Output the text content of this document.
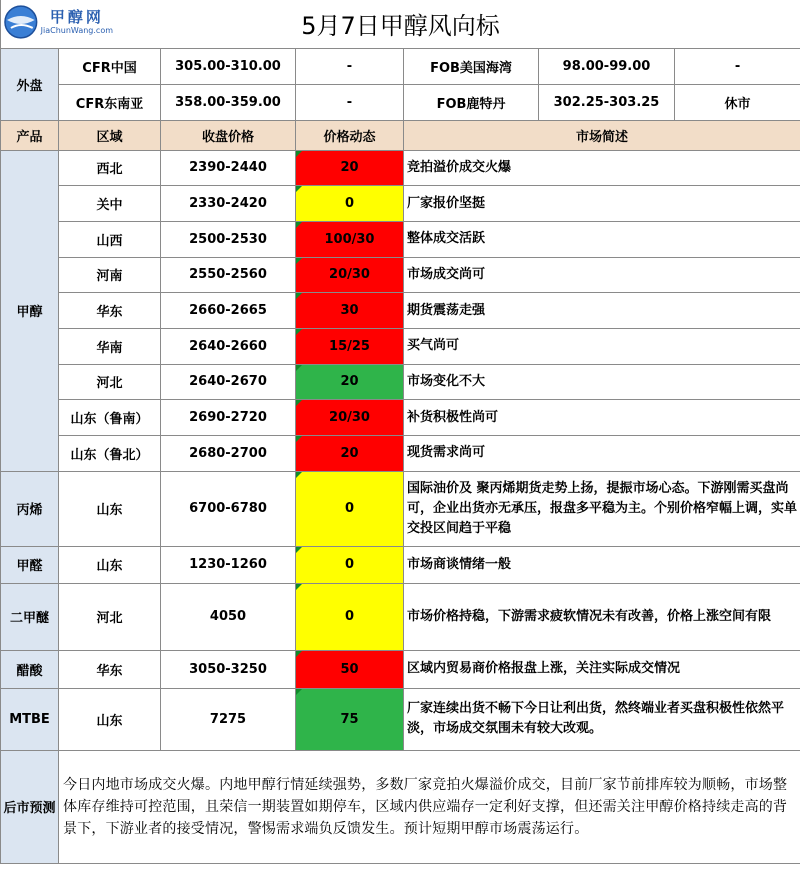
甲醇网
JiaChunWang.com 5月7日甲醇风向标						
外盘	CFR中国	305.00-310.00	-	FOB美国海湾	98.00-99.00	-
	CFR东南亚	358.00-359.00	-	FOB鹿特丹	302.25-303.25	休市
产品	区域	收盘价格	价格动态	市场简述		
甲醇	西北	2390-2440	20	竞拍溢价成交火爆		
	关中	2330-2420	0	厂家报价坚挺		
	山西	2500-2530	100/30	整体成交活跃		
	河南	2550-2560	20/30	市场成交尚可		
	华东	2660-2665	30	期货震荡走强		
	华南	2640-2660	15/25	买气尚可		
	河北	2640-2670	20	市场变化不大		
	山东（鲁南）	2690-2720	20/30	补货积极性尚可		
	山东（鲁北）	2680-2700	20	现货需求尚可		
丙烯	山东	6700-6780	0	国际油价及 聚丙烯期货走势上扬，提振市场心态。下游刚需买盘尚可，企业出货亦无承压，报盘多平稳为主。个别价格窄幅上调，实单交投区间趋于平稳		
甲醛	山东	1230-1260	0	市场商谈情绪一般		
二甲醚	河北	4050	0	市场价格持稳，下游需求疲软情况未有改善，价格上涨空间有限		
醋酸	华东	3050-3250	50	区域内贸易商价格报盘上涨，关注实际成交情况		
MTBE	山东	7275	75	厂家连续出货不畅下今日让利出货，然终端业者买盘积极性依然平淡，市场成交氛围未有较大改观。		
后市预测	今日内地市场成交火爆。内地甲醇行情延续强势，多数厂家竞拍火爆溢价成交，目前厂家节前排库较为顺畅，市场整体库存维持可控范围，且荣信一期装置如期停车，区域内供应端存一定利好支撑，但还需关注甲醇价格持续走高的背景下，下游业者的接受情况，警惕需求端负反馈发生。预计短期甲醇市场震荡运行。					
